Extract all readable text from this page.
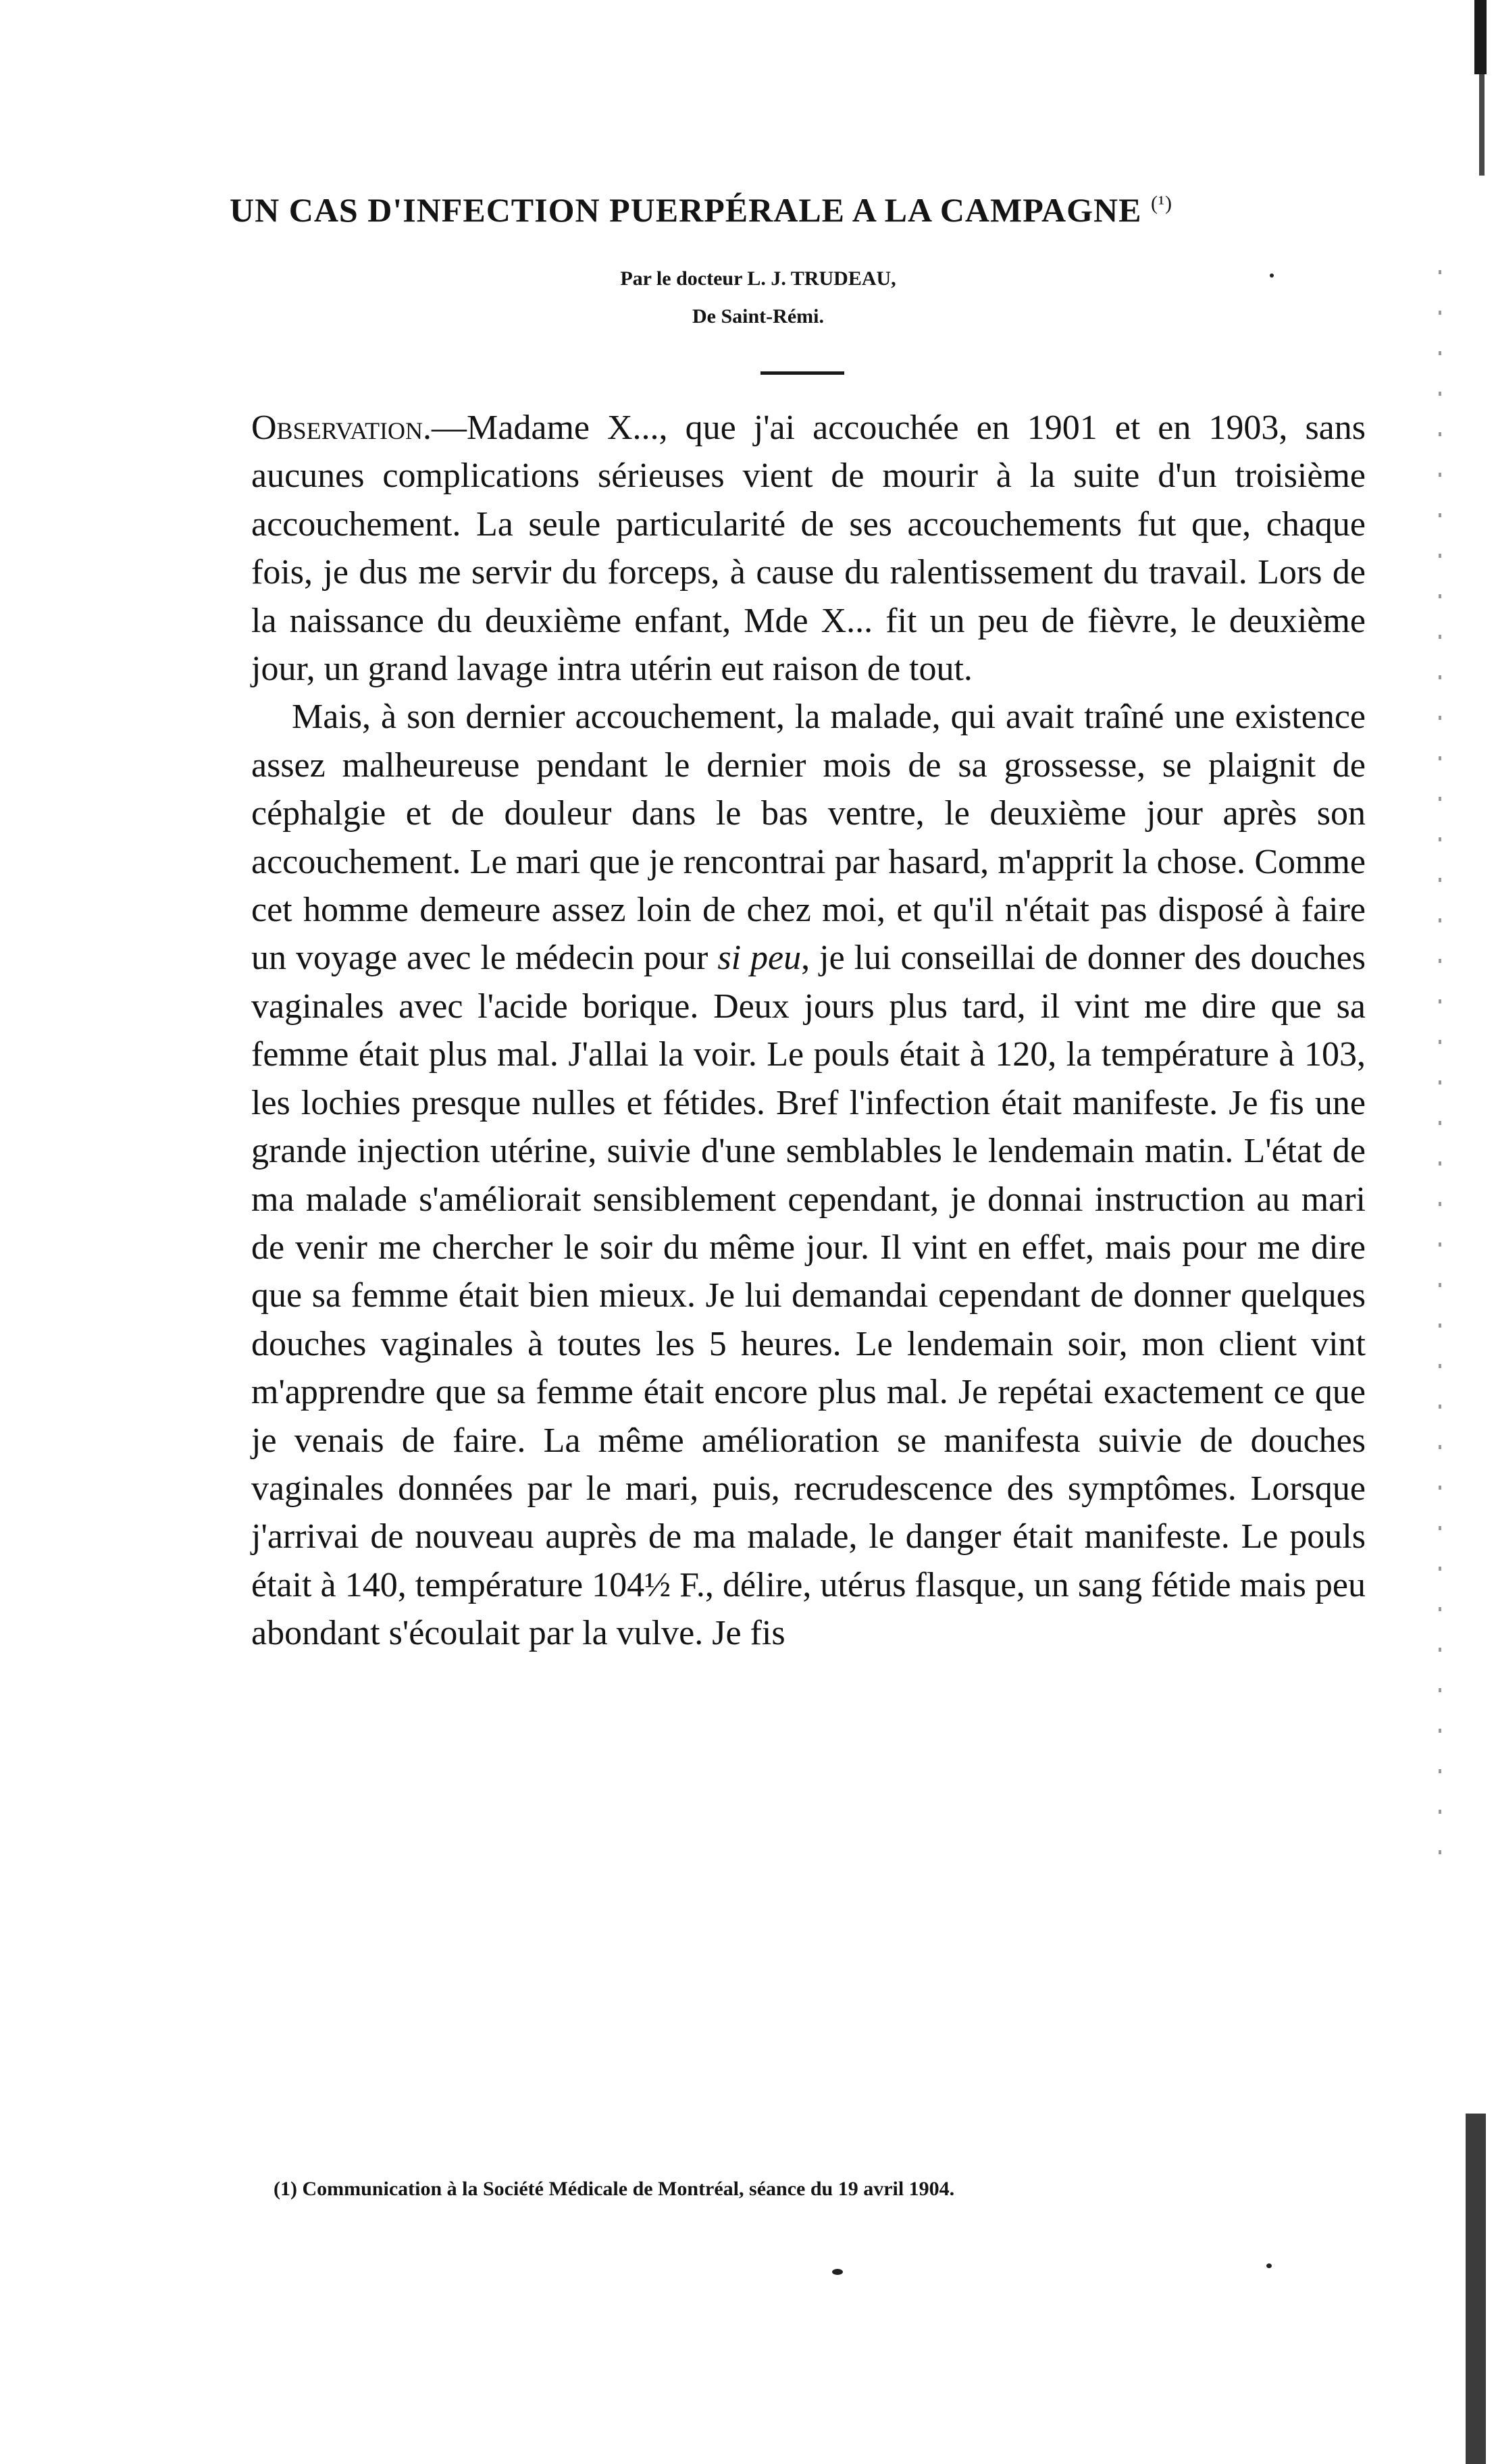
UN CAS D'INFECTION PUERPÉRALE A LA CAMPAGNE $^{(^1)}$
Par le docteur L. J. TRUDEAU,
De Saint-Rémi.

Observation.—Madame X..., que j'ai accouchée en 1901 et en 1903, sans aucunes complications sérieuses vient de mourir à la suite d'un troisième accouchement. La seule particularité de ses accouchements fut que, chaque fois, je dus me servir du forceps, à cause du ralentissement du travail. Lors de la naissance du deuxième enfant, Mde X... fit un peu de fièvre, le deuxième jour, un grand lavage intra utérin eut raison de tout.

Mais, à son dernier accouchement, la malade, qui avait traîné une existence assez malheureuse pendant le dernier mois de sa grossesse, se plaignit de céphalgie et de douleur dans le bas ventre, le deuxième jour après son accouchement. Le mari que je rencontrai par hasard, m'apprit la chose. Comme cet homme demeure assez loin de chez moi, et qu'il n'était pas disposé à faire un voyage avec le médecin pour si peu, je lui conseillai de donner des douches vaginales avec l'acide borique. Deux jours plus tard, il vint me dire que sa femme était plus mal. J'allai la voir. Le pouls était à 120, la température à 103, les lochies presque nulles et fétides. Bref l'infection était manifeste. Je fis une grande injection utérine, suivie d'une semblables le lendemain matin. L'état de ma malade s'améliorait sensiblement cependant, je donnai instruction au mari de venir me chercher le soir du même jour. Il vint en effet, mais pour me dire que sa femme était bien mieux. Je lui demandai cependant de donner quelques douches vaginales à toutes les 5 heures. Le lendemain soir, mon client vint m'apprendre que sa femme était encore plus mal. Je repétai exactement ce que je venais de faire. La même amélioration se manifesta suivie de douches vaginales données par le mari, puis, recrudescence des symptômes. Lorsque j'arrivai de nouveau auprès de ma malade, le danger était manifeste. Le pouls était à 140, température 104½ F., délire, utérus flasque, un sang fétide mais peu abondant s'écoulait par la vulve. Je fis

(1) Communication à la Société Médicale de Montréal, séance du 19 avril 1904.
